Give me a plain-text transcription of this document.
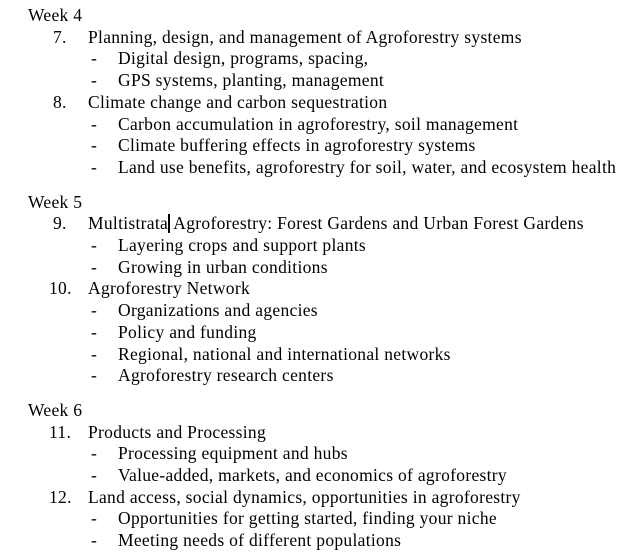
Week 4
7. Planning, design, and management of Agroforestry systems
- Digital design, programs, spacing,
- GPS systems, planting, management
8. Climate change and carbon sequestration
- Carbon accumulation in agroforestry, soil management
- Climate buffering effects in agroforestry systems
- Land use benefits, agroforestry for soil, water, and ecosystem health
Week 5
9. Multistrata Agroforestry: Forest Gardens and Urban Forest Gardens
- Layering crops and support plants
- Growing in urban conditions
10. Agroforestry Network
- Organizations and agencies
- Policy and funding
- Regional, national and international networks
- Agroforestry research centers
Week 6
11. Products and Processing
- Processing equipment and hubs
- Value-added, markets, and economics of agroforestry
12. Land access, social dynamics, opportunities in agroforestry
- Opportunities for getting started, finding your niche
- Meeting needs of different populations
